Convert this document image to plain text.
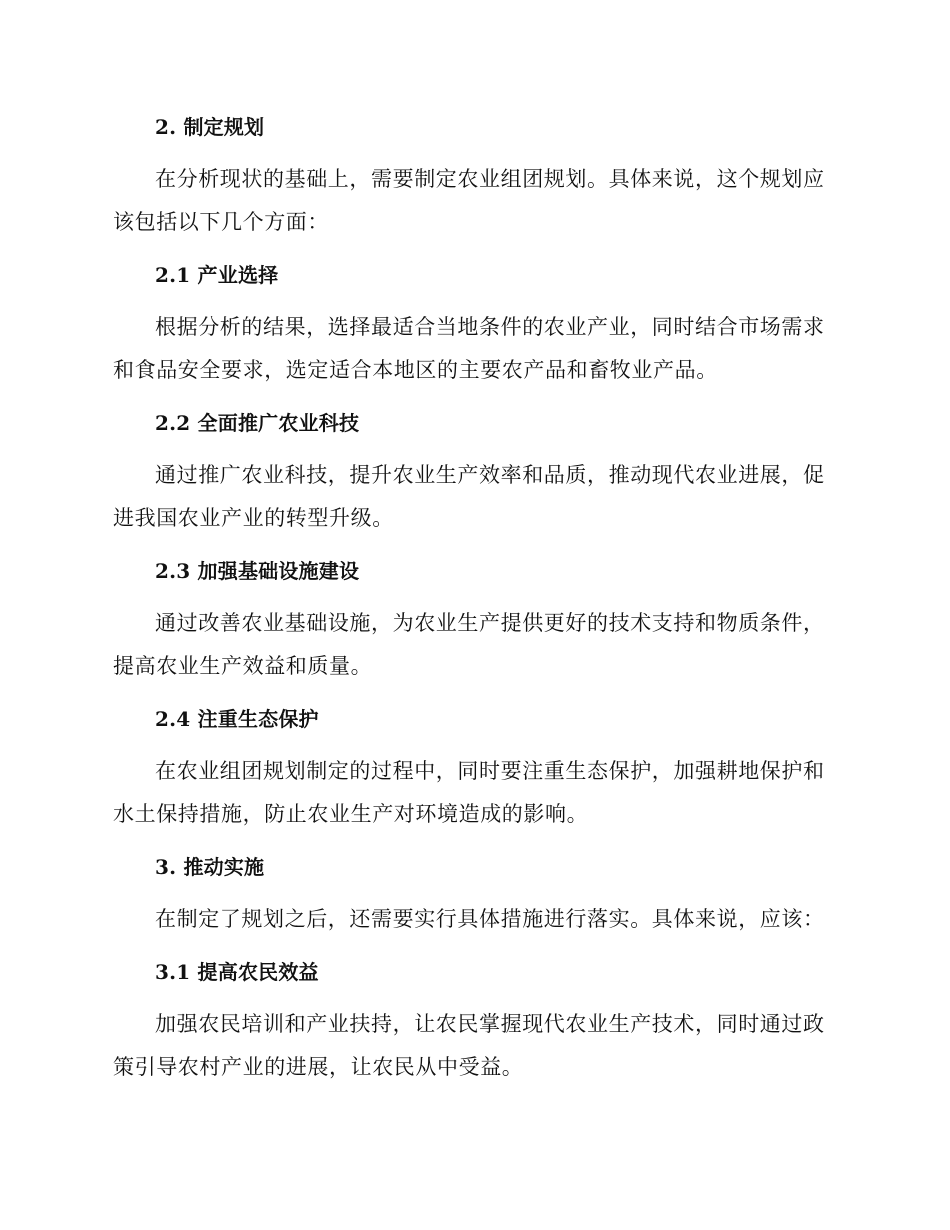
2. 制定规划

在分析现状的基础上，需要制定农业组团规划。具体来说，这个规划应该包括以下几个方面：

2.1 产业选择

根据分析的结果，选择最适合当地条件的农业产业，同时结合市场需求和食品安全要求，选定适合本地区的主要农产品和畜牧业产品。

2.2 全面推广农业科技

通过推广农业科技，提升农业生产效率和品质，推动现代农业进展，促进我国农业产业的转型升级。

2.3 加强基础设施建设

通过改善农业基础设施，为农业生产提供更好的技术支持和物质条件，提高农业生产效益和质量。

2.4 注重生态保护

在农业组团规划制定的过程中，同时要注重生态保护，加强耕地保护和水土保持措施，防止农业生产对环境造成的影响。

3. 推动实施

在制定了规划之后，还需要实行具体措施进行落实。具体来说，应该：

3.1 提高农民效益

加强农民培训和产业扶持，让农民掌握现代农业生产技术，同时通过政策引导农村产业的进展，让农民从中受益。
